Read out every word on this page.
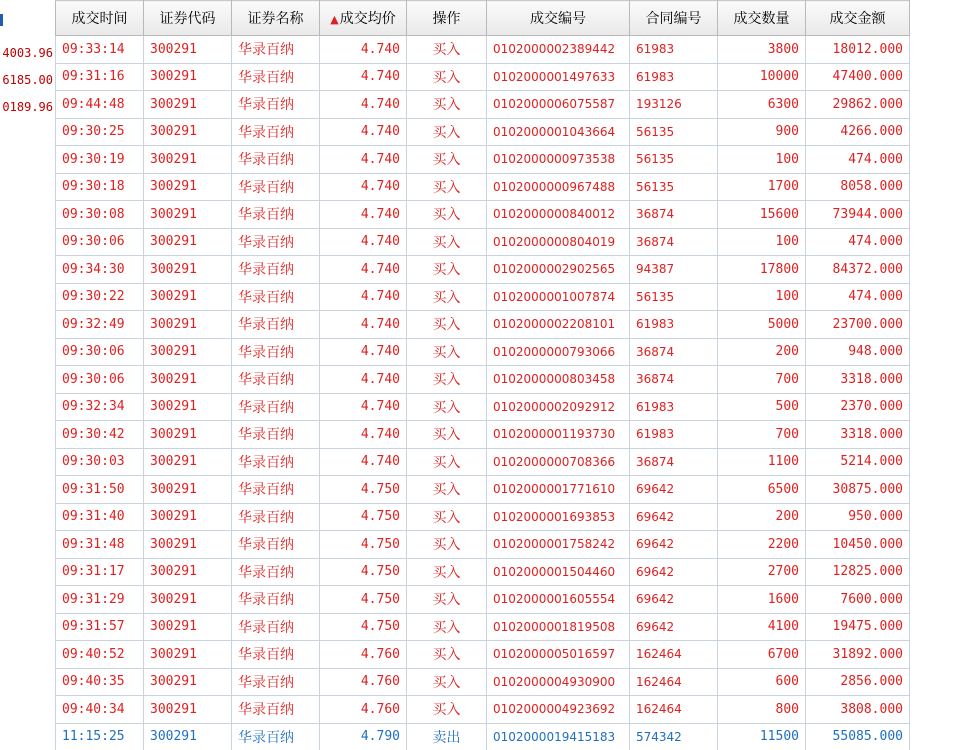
4003.96
6185.00
0189.96
成交时间	证券代码	证券名称	▲成交均价	操作	成交编号	合同编号	成交数量	成交金额
09:33:14	300291	华录百纳	4.740	买入	0102000002389442	61983	3800	18012.000
09:31:16	300291	华录百纳	4.740	买入	0102000001497633	61983	10000	47400.000
09:44:48	300291	华录百纳	4.740	买入	0102000006075587	193126	6300	29862.000
09:30:25	300291	华录百纳	4.740	买入	0102000001043664	56135	900	4266.000
09:30:19	300291	华录百纳	4.740	买入	0102000000973538	56135	100	474.000
09:30:18	300291	华录百纳	4.740	买入	0102000000967488	56135	1700	8058.000
09:30:08	300291	华录百纳	4.740	买入	0102000000840012	36874	15600	73944.000
09:30:06	300291	华录百纳	4.740	买入	0102000000804019	36874	100	474.000
09:34:30	300291	华录百纳	4.740	买入	0102000002902565	94387	17800	84372.000
09:30:22	300291	华录百纳	4.740	买入	0102000001007874	56135	100	474.000
09:32:49	300291	华录百纳	4.740	买入	0102000002208101	61983	5000	23700.000
09:30:06	300291	华录百纳	4.740	买入	0102000000793066	36874	200	948.000
09:30:06	300291	华录百纳	4.740	买入	0102000000803458	36874	700	3318.000
09:32:34	300291	华录百纳	4.740	买入	0102000002092912	61983	500	2370.000
09:30:42	300291	华录百纳	4.740	买入	0102000001193730	61983	700	3318.000
09:30:03	300291	华录百纳	4.740	买入	0102000000708366	36874	1100	5214.000
09:31:50	300291	华录百纳	4.750	买入	0102000001771610	69642	6500	30875.000
09:31:40	300291	华录百纳	4.750	买入	0102000001693853	69642	200	950.000
09:31:48	300291	华录百纳	4.750	买入	0102000001758242	69642	2200	10450.000
09:31:17	300291	华录百纳	4.750	买入	0102000001504460	69642	2700	12825.000
09:31:29	300291	华录百纳	4.750	买入	0102000001605554	69642	1600	7600.000
09:31:57	300291	华录百纳	4.750	买入	0102000001819508	69642	4100	19475.000
09:40:52	300291	华录百纳	4.760	买入	0102000005016597	162464	6700	31892.000
09:40:35	300291	华录百纳	4.760	买入	0102000004930900	162464	600	2856.000
09:40:34	300291	华录百纳	4.760	买入	0102000004923692	162464	800	3808.000
11:15:25	300291	华录百纳	4.790	卖出	0102000019415183	574342	11500	55085.000
